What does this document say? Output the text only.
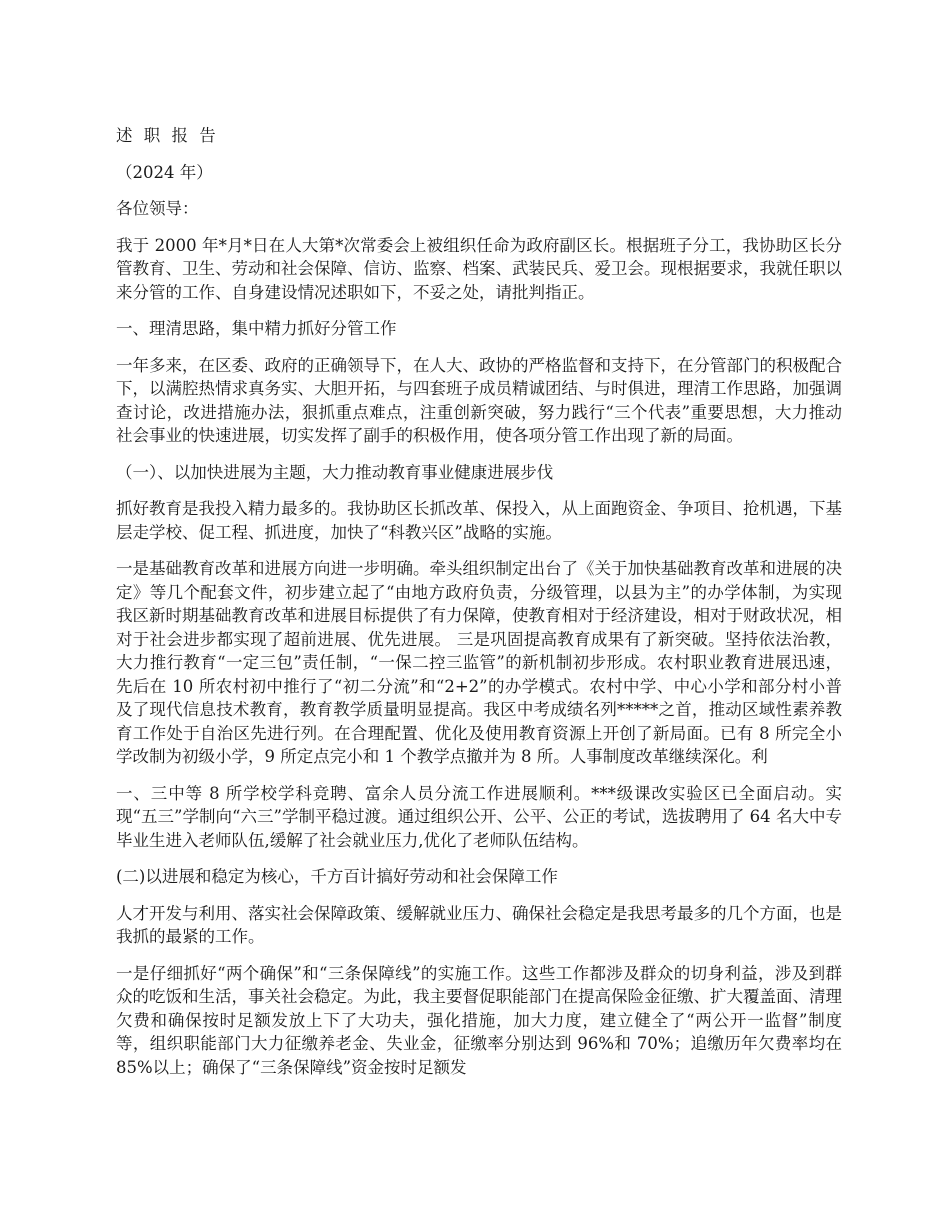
述 职 报 告

（2024 年）

各位领导：

我于 2000 年*月*日在人大第*次常委会上被组织任命为政府副区长。根据班子分工，我协助区长分管教育、卫生、劳动和社会保障、信访、监察、档案、武装民兵、爱卫会。现根据要求，我就任职以来分管的工作、自身建设情况述职如下，不妥之处，请批判指正。

一、理清思路，集中精力抓好分管工作

一年多来，在区委、政府的正确领导下，在人大、政协的严格监督和支持下，在分管部门的积极配合下，以满腔热情求真务实、大胆开拓，与四套班子成员精诚团结、与时俱进，理清工作思路，加强调查讨论，改进措施办法，狠抓重点难点，注重创新突破，努力践行“三个代表”重要思想，大力推动社会事业的快速进展，切实发挥了副手的积极作用，使各项分管工作出现了新的局面。

（一）、以加快进展为主题，大力推动教育事业健康进展步伐

抓好教育是我投入精力最多的。我协助区长抓改革、保投入，从上面跑资金、争项目、抢机遇，下基层走学校、促工程、抓进度，加快了“科教兴区”战略的实施。

一是基础教育改革和进展方向进一步明确。牵头组织制定出台了《关于加快基础教育改革和进展的决定》等几个配套文件，初步建立起了“由地方政府负责，分级管理，以县为主”的办学体制，为实现我区新时期基础教育改革和进展目标提供了有力保障，使教育相对于经济建设，相对于财政状况，相对于社会进步都实现了超前进展、优先进展。 三是巩固提高教育成果有了新突破。坚持依法治教，大力推行教育“一定三包”责任制，“一保二控三监管”的新机制初步形成。农村职业教育进展迅速，先后在 10 所农村初中推行了“初二分流”和“2+2”的办学模式。农村中学、中心小学和部分村小普及了现代信息技术教育，教育教学质量明显提高。我区中考成绩名列*****之首，推动区域性素养教育工作处于自治区先进行列。在合理配置、优化及使用教育资源上开创了新局面。已有 8 所完全小学改制为初级小学，9 所定点完小和 1 个教学点撤并为 8 所。人事制度改革继续深化。利

一、三中等 8 所学校学科竞聘、富余人员分流工作进展顺利。***级课改实验区已全面启动。实现“五三”学制向“六三”学制平稳过渡。通过组织公开、公平、公正的考试，选拔聘用了 64 名大中专毕业生进入老师队伍,缓解了社会就业压力,优化了老师队伍结构。

(二)以进展和稳定为核心，千方百计搞好劳动和社会保障工作

人才开发与利用、落实社会保障政策、缓解就业压力、确保社会稳定是我思考最多的几个方面，也是我抓的最紧的工作。

一是仔细抓好“两个确保”和“三条保障线”的实施工作。这些工作都涉及群众的切身利益，涉及到群众的吃饭和生活，事关社会稳定。为此，我主要督促职能部门在提高保险金征缴、扩大覆盖面、清理欠费和确保按时足额发放上下了大功夫，强化措施，加大力度，建立健全了“两公开一监督”制度等，组织职能部门大力征缴养老金、失业金，征缴率分别达到 96%和 70%；追缴历年欠费率均在 85%以上；确保了“三条保障线”资金按时足额发
